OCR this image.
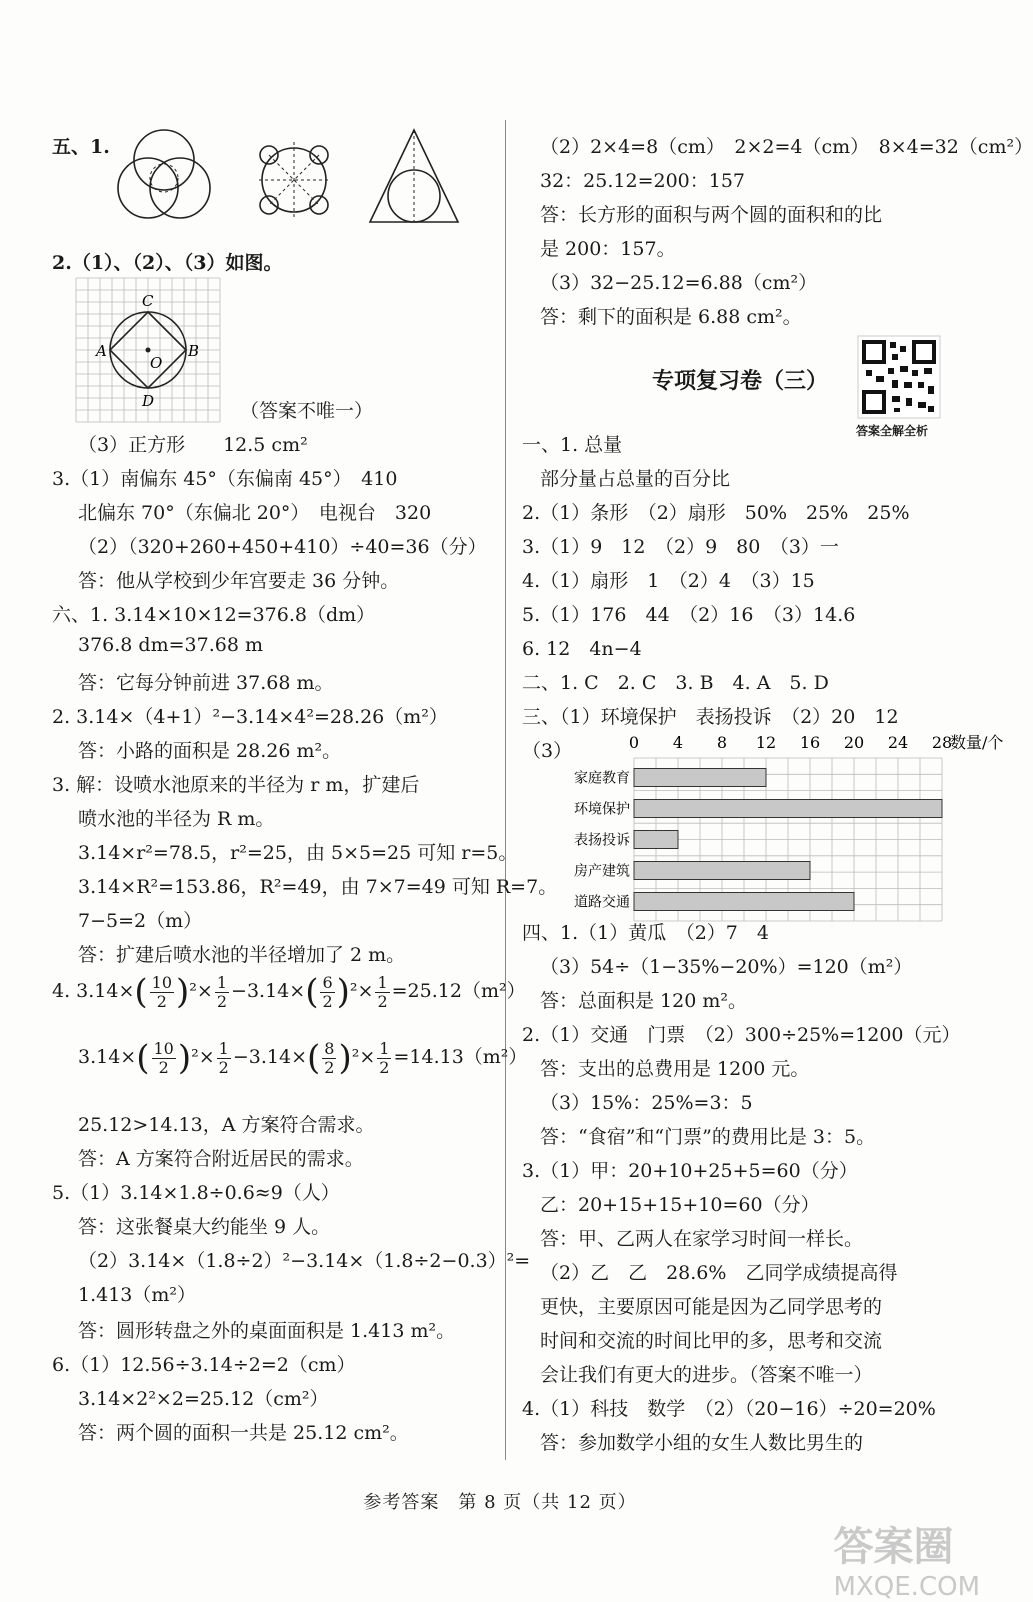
五、1.
2.（1）、（2）、（3）如图。
C
A
O
B
D	（答案不唯一）
（3）正方形　　12.5 cm²
3.（1）南偏东 45°（东偏南 45°）　410
北偏东 70°（东偏北 20°）　电视台　320
（2）（320+260+450+410）÷40=36（分）
答：他从学校到少年宫要走 36 分钟。
六、1. 3.14×10×12=376.8（dm）
376.8 dm=37.68 m
答：它每分钟前进 37.68 m。
2. 3.14×（4+1）²−3.14×4²=28.26（m²）
答：小路的面积是 28.26 m²。
3. 解：设喷水池原来的半径为 r m，扩建后
喷水池的半径为 R m。
3.14×r²=78.5，r²=25，由 5×5=25 可知 r=5。
3.14×R²=153.86，R²=49，由 7×7=49 可知 R=7。
7−5=2（m）
答：扩建后喷水池的半径增加了 2 m。
4. $3.14\times( \frac{10}{2} )^2\times \frac{1}{2} -3.14\times( \frac{6}{2} )^2\times \frac{1}{2} =25.12(m^2)$
$3.14\times( \frac{10}{2} )^2\times \frac{1}{2} -3.14\times( \frac{8}{2} )^2\times \frac{1}{2} =14.13(m^2)$
25.12>14.13，A 方案符合需求。
答：A 方案符合附近居民的需求。
5.（1）3.14×1.8÷0.6≈9（人）
答：这张餐桌大约能坐 9 人。
（2）3.14×（1.8÷2）²−3.14×（1.8÷2−0.3）²=
1.413（m²）
答：圆形转盘之外的桌面面积是 1.413 m²。
6.（1）12.56÷3.14÷2=2（cm）
3.14×2²×2=25.12（cm²）
答：两个圆的面积一共是 25.12 cm²。
（2）2×4=8（cm）　2×2=4（cm）　8×4=32（cm²）
32：25.12=200：157
答：长方形的面积与两个圆的面积和的比
是 200：157。
（3）32−25.12=6.88（cm²）
答：剩下的面积是 6.88 cm²。
专项复习卷（三）
答案全解全析
一、1. 总量
部分量占总量的百分比
2.（1）条形　（2）扇形　50%　25%　25%
3.（1）9　12　（2）9　80　（3）一
4.（1）扇形　1　（2）4　（3）15
5.（1）176　44　（2）16　（3）14.6
6. 12　4n−4
二、1. C　2. C　3. B　4. A　5. D
三、（1）环境保护　表扬投诉　（2）20　12
（3）	0 4 8 12 16 20 24 28
数量/个
家庭教育
环境保护
表扬投诉
房产建筑
道路交通
四、1.（1）黄瓜　（2）7　4
（3）54÷（1−35%−20%）=120（m²）
答：总面积是 120 m²。
2.（1）交通　门票　（2）300÷25%=1200（元）
答：支出的总费用是 1200 元。
（3）15%：25%=3：5
答：“食宿”和“门票”的费用比是 3：5。
3.（1）甲：20+10+25+5=60（分）
乙：20+15+15+10=60（分）
答：甲、乙两人在家学习时间一样长。
（2）乙　乙　28.6%　乙同学成绩提高得
更快，主要原因可能是因为乙同学思考的
时间和交流的时间比甲的多，思考和交流
会让我们有更大的进步。（答案不唯一）
4.（1）科技　数学　（2）（20−16）÷20=20%
答：参加数学小组的女生人数比男生的
参考答案　第 8 页（共 12 页）
答案圈
MXQE.COM
